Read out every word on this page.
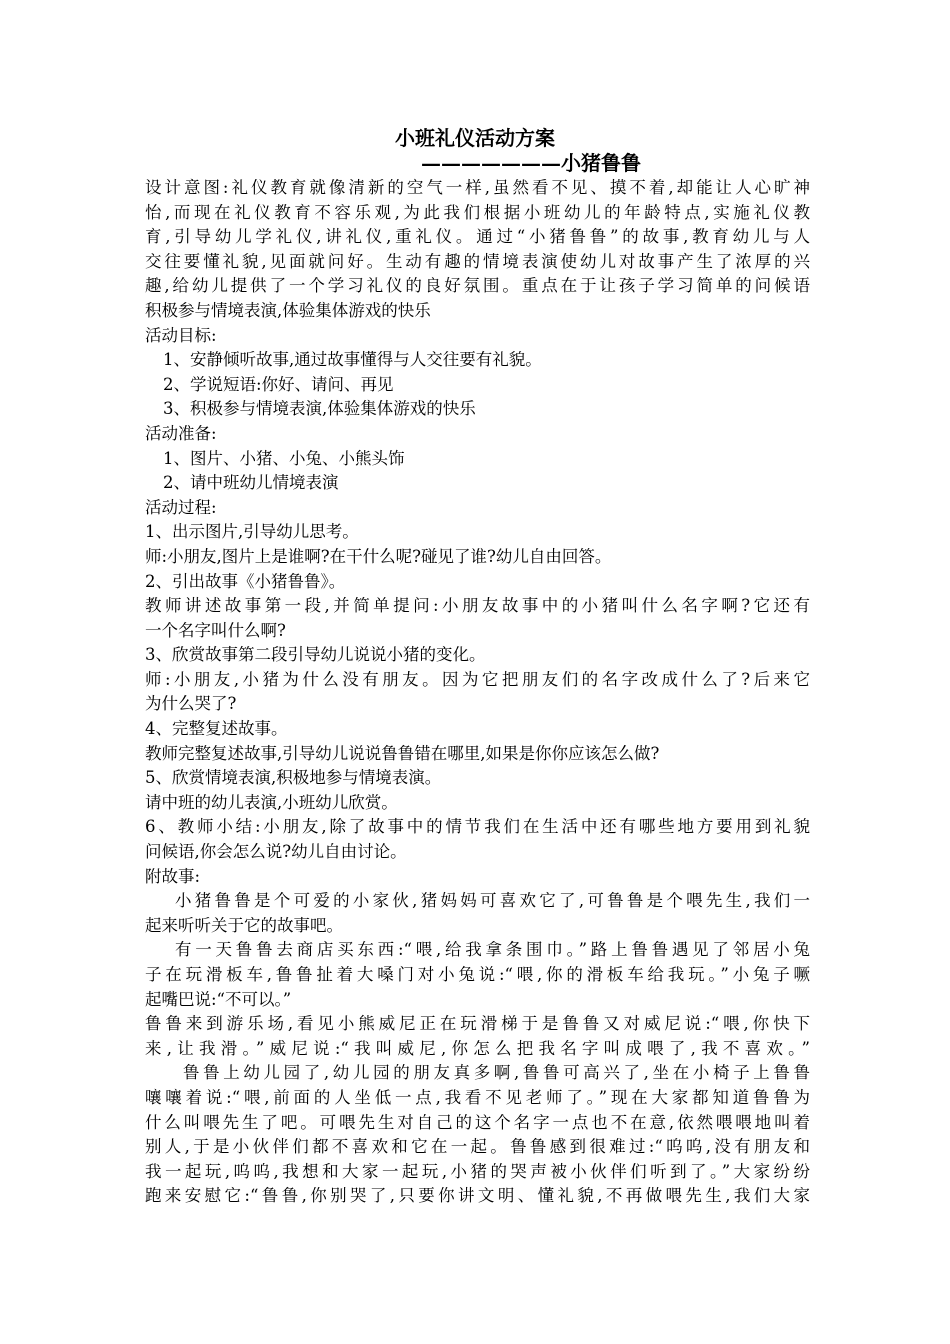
小班礼仪活动方案
———————小猪鲁鲁
设计意图:礼仪教育就像清新的空气一样,虽然看不见、摸不着,却能让人心旷神
怡,而现在礼仪教育不容乐观,为此我们根据小班幼儿的年龄特点,实施礼仪教
育,引导幼儿学礼仪,讲礼仪,重礼仪。通过“小猪鲁鲁”的故事,教育幼儿与人
交往要懂礼貌,见面就问好。生动有趣的情境表演使幼儿对故事产生了浓厚的兴
趣,给幼儿提供了一个学习礼仪的良好氛围。重点在于让孩子学习简单的问候语
积极参与情境表演,体验集体游戏的快乐
活动目标:
1、安静倾听故事,通过故事懂得与人交往要有礼貌。
2、学说短语:你好、请问、再见
3、积极参与情境表演,体验集体游戏的快乐
活动准备:
1、图片、小猪、小兔、小熊头饰
2、请中班幼儿情境表演
活动过程:
1、出示图片,引导幼儿思考。
师:小朋友,图片上是谁啊?在干什么呢?碰见了谁?幼儿自由回答。
2、引出故事《小猪鲁鲁》。
教师讲述故事第一段,并简单提问:小朋友故事中的小猪叫什么名字啊?它还有
一个名字叫什么啊?
3、欣赏故事第二段引导幼儿说说小猪的变化。
师:小朋友,小猪为什么没有朋友。因为它把朋友们的名字改成什么了?后来它
为什么哭了?
4、完整复述故事。
教师完整复述故事,引导幼儿说说鲁鲁错在哪里,如果是你你应该怎么做?
5、欣赏情境表演,积极地参与情境表演。
请中班的幼儿表演,小班幼儿欣赏。
6、教师小结:小朋友,除了故事中的情节我们在生活中还有哪些地方要用到礼貌
问候语,你会怎么说?幼儿自由讨论。
附故事:
小猪鲁鲁是个可爱的小家伙,猪妈妈可喜欢它了,可鲁鲁是个喂先生,我们一
起来听听关于它的故事吧。
有一天鲁鲁去商店买东西:“喂,给我拿条围巾。”路上鲁鲁遇见了邻居小兔
子在玩滑板车,鲁鲁扯着大嗓门对小兔说:“喂,你的滑板车给我玩。”小兔子噘
起嘴巴说:“不可以。”
鲁鲁来到游乐场,看见小熊威尼正在玩滑梯于是鲁鲁又对威尼说:“喂,你快下
来,让我滑。”威尼说:“我叫威尼,你怎么把我名字叫成喂了,我不喜欢。”
鲁鲁上幼儿园了,幼儿园的朋友真多啊,鲁鲁可高兴了,坐在小椅子上鲁鲁
嚷嚷着说:“喂,前面的人坐低一点,我看不见老师了。”现在大家都知道鲁鲁为
什么叫喂先生了吧。可喂先生对自己的这个名字一点也不在意,依然喂喂地叫着
别人,于是小伙伴们都不喜欢和它在一起。鲁鲁感到很难过:“呜呜,没有朋友和
我一起玩,呜呜,我想和大家一起玩,小猪的哭声被小伙伴们听到了。”大家纷纷
跑来安慰它:“鲁鲁,你别哭了,只要你讲文明、懂礼貌,不再做喂先生,我们大家
